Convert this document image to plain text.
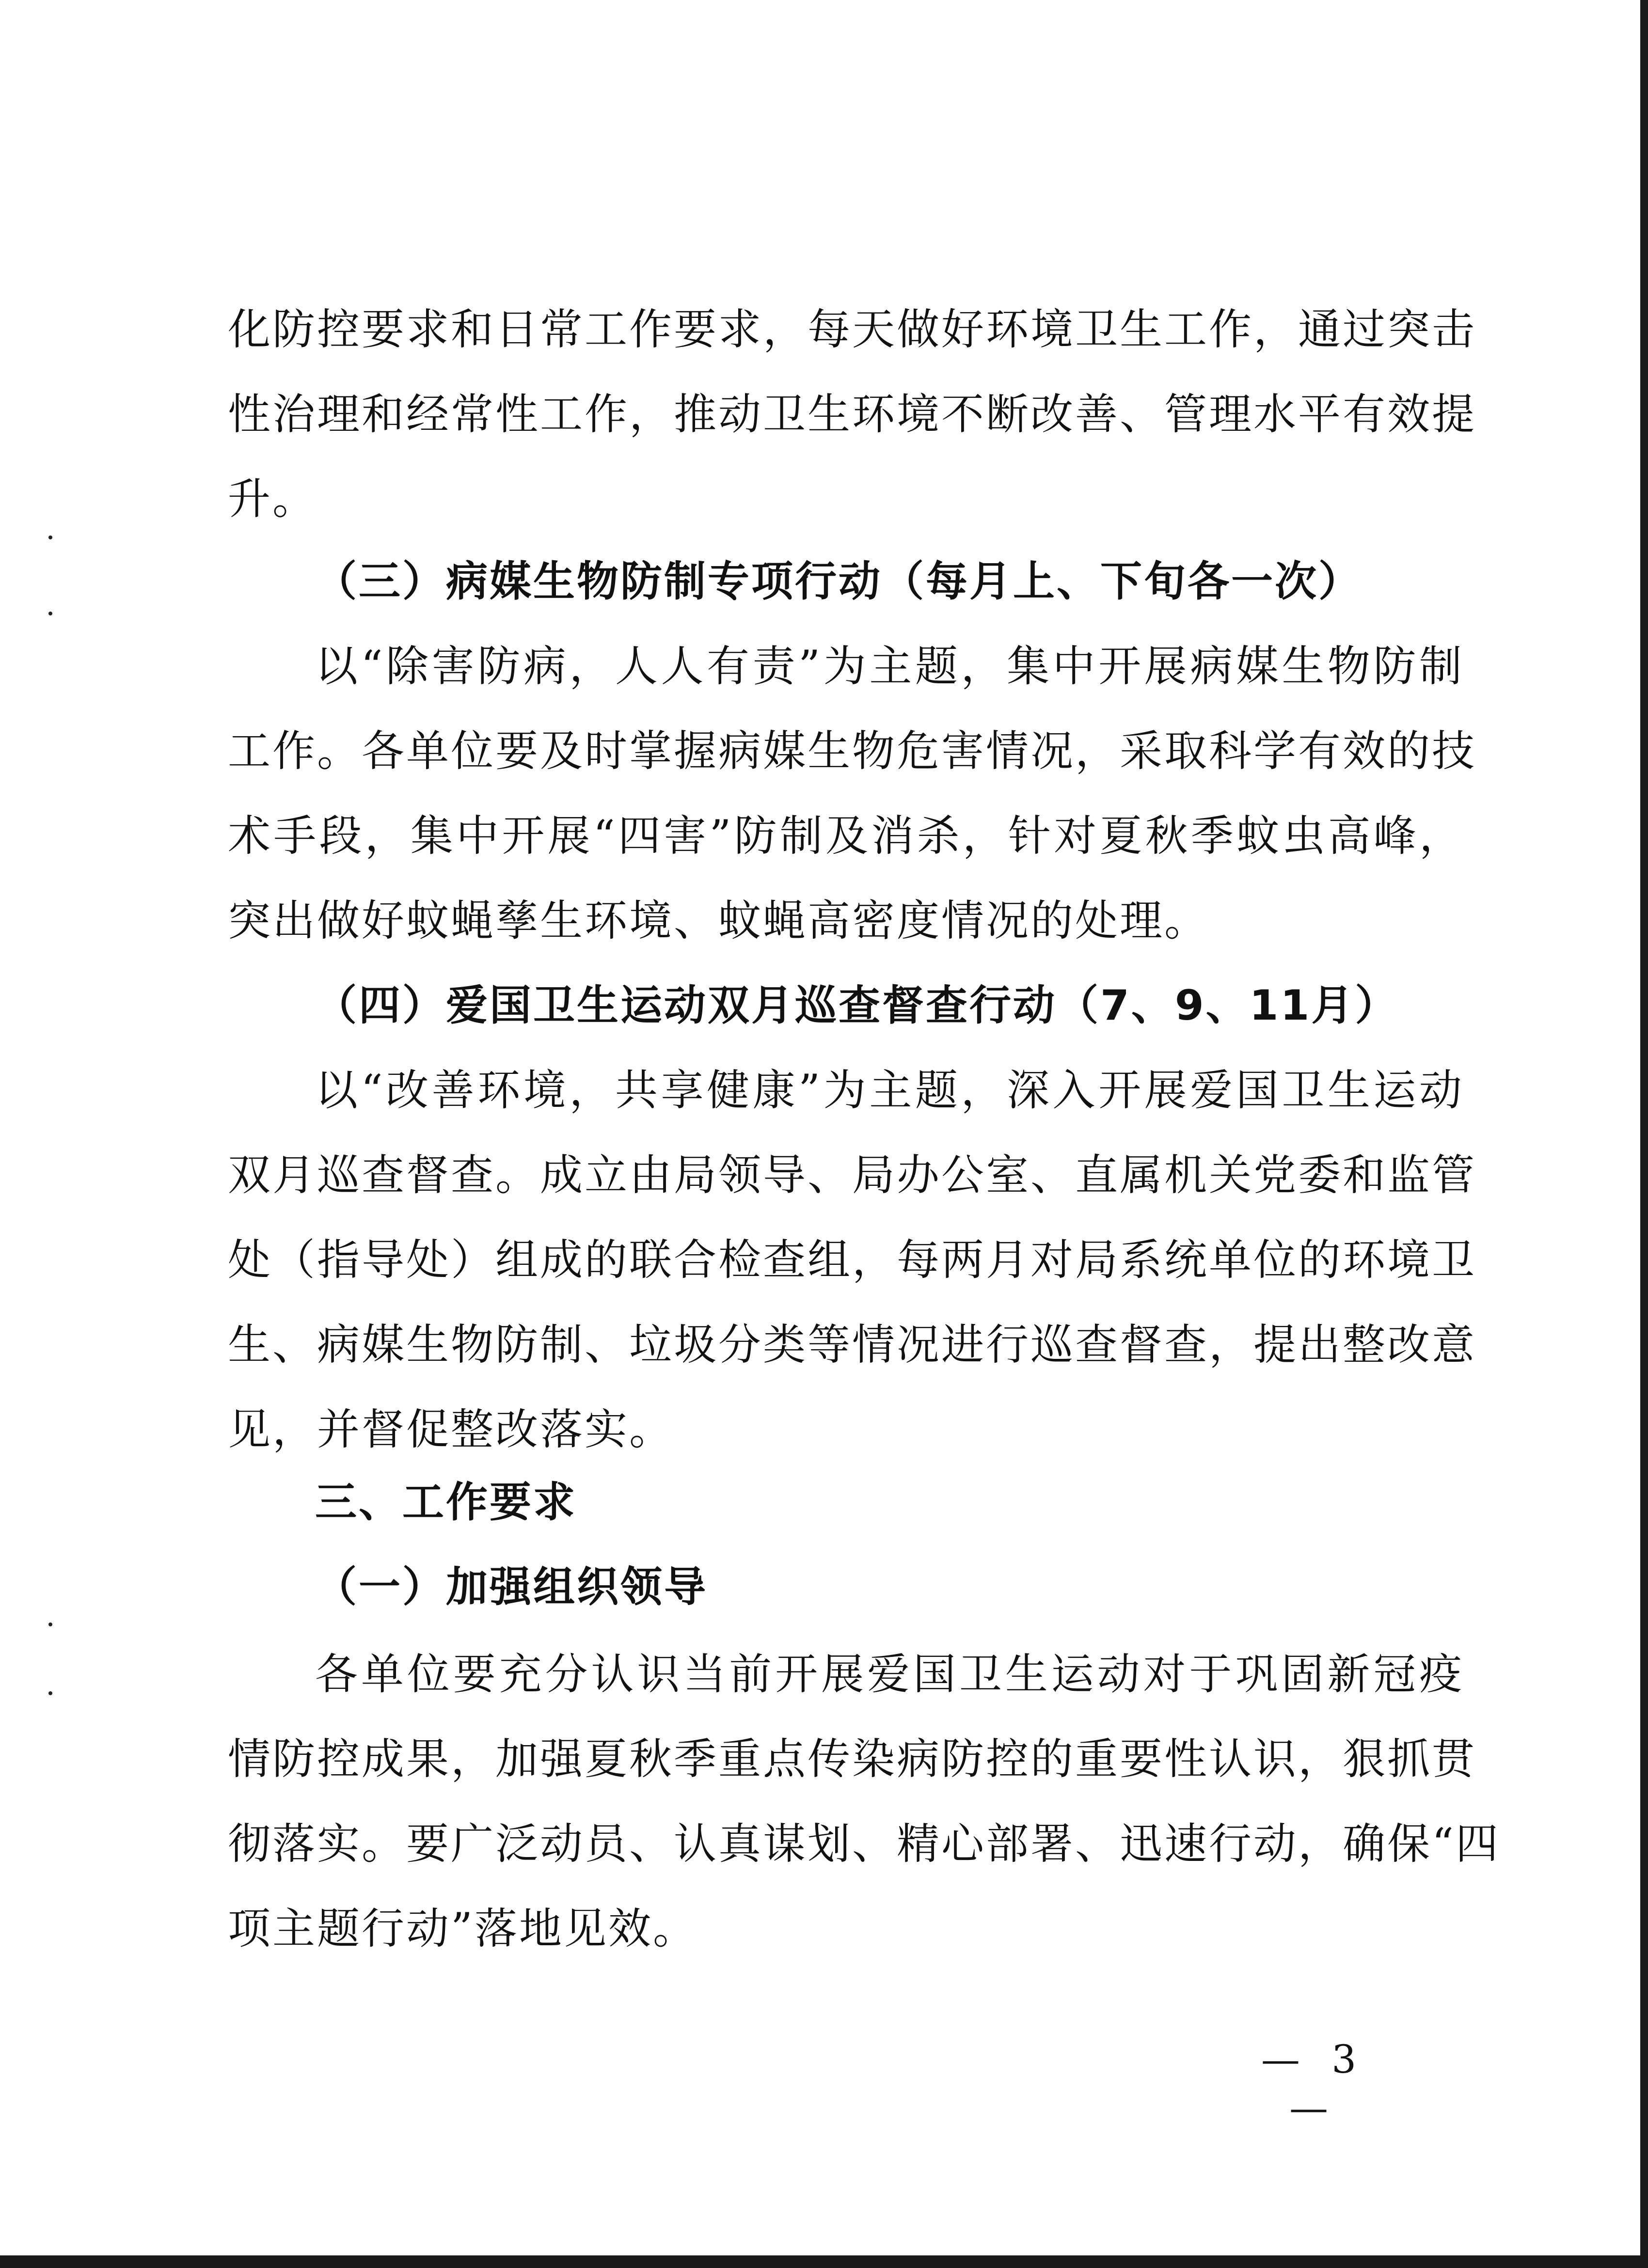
化防控要求和日常工作要求，每天做好环境卫生工作，通过突击
性治理和经常性工作，推动卫生环境不断改善、管理水平有效提
升。
（三）病媒生物防制专项行动（每月上、下旬各一次）
以“除害防病，人人有责”为主题，集中开展病媒生物防制
工作。各单位要及时掌握病媒生物危害情况，采取科学有效的技
术手段，集中开展“四害”防制及消杀，针对夏秋季蚊虫高峰，
突出做好蚊蝇孳生环境、蚊蝇高密度情况的处理。
（四）爱国卫生运动双月巡查督查行动（7、9、11月）
以“改善环境，共享健康”为主题，深入开展爱国卫生运动
双月巡查督查。成立由局领导、局办公室、直属机关党委和监管
处（指导处）组成的联合检查组，每两月对局系统单位的环境卫
生、病媒生物防制、垃圾分类等情况进行巡查督查，提出整改意
见，并督促整改落实。
三、工作要求
（一）加强组织领导
各单位要充分认识当前开展爱国卫生运动对于巩固新冠疫
情防控成果，加强夏秋季重点传染病防控的重要性认识，狠抓贯
彻落实。要广泛动员、认真谋划、精心部署、迅速行动，确保“四
项主题行动”落地见效。
— 3 —
